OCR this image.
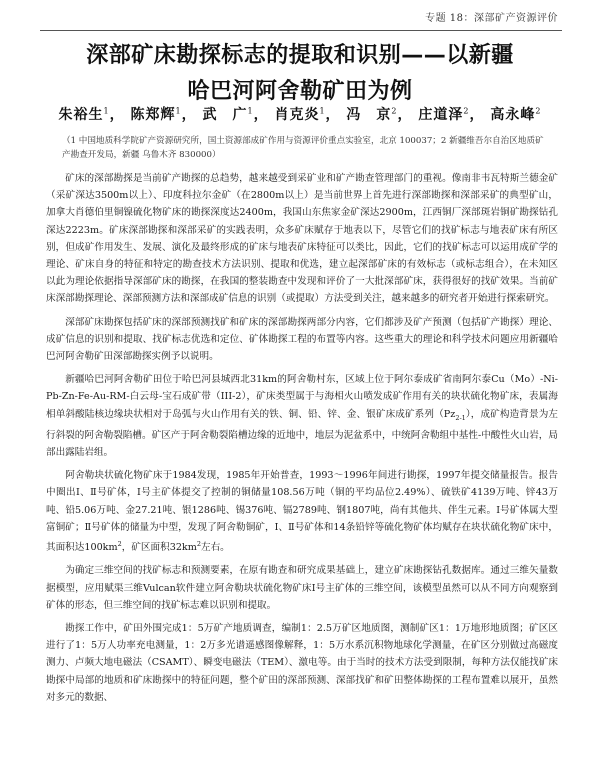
专题 18：深部矿产资源评价
深部矿床勘探标志的提取和识别——以新疆
哈巴河阿舍勒矿田为例
朱裕生$^1$， 陈郑辉$^1$， 武　广$^1$， 肖克炎$^1$， 冯　京$^2$， 庄道泽$^2$， 高永峰$^2$
（1 中国地质科学院矿产资源研究所，国土资源部成矿作用与资源评价重点实验室，北京 100037；2 新疆维吾尔自治区地质矿产勘查开发局，新疆 乌鲁木齐 830000）

矿床的深部勘探是当前矿产勘探的总趋势，越来越受到采矿业和矿产勘查管理部门的重视。像南非韦瓦特斯兰德金矿（采矿深达3500m以上）、印度科拉尔金矿（在2800m以上）是当前世界上首先进行深部勘探和深部采矿的典型矿山，加拿大肖德伯里铜镍硫化物矿床的勘探深度达2400m，我国山东焦家金矿深达2900m，江西铜厂深部斑岩铜矿勘探钻孔深达2223m。矿床深部勘探和深部采矿的实践表明，众多矿床赋存于地表以下，尽管它们的找矿标志与地表矿床有所区别，但成矿作用发生、发展、演化及最终形成的矿床与地表矿床特征可以类比，因此，它们的找矿标志可以运用成矿学的理论、矿床自身的特征和特定的勘查技术方法识别、提取和优选，建立起深部矿床的有效标志（或标志组合），在未知区以此为理论依据指导深部矿床的勘探，在我国的整装勘查中发现和评价了一大批深部矿床，获得很好的找矿效果。当前矿床深部勘探理论、深部预测方法和深部成矿信息的识别（或提取）方法受到关注，越来越多的研究者开始进行探索研究。

深部矿床勘探包括矿床的深部预测找矿和矿床的深部勘探两部分内容，它们都涉及矿产预测（包括矿产勘探）理论、成矿信息的识别和提取、找矿标志优选和定位、矿体勘探工程的布置等内容。这些重大的理论和科学技术问题应用新疆哈巴河阿舍勒矿田深部勘探实例予以说明。

新疆哈巴河阿舍勒矿田位于哈巴河县城西北31km的阿舍勒村东，区域上位于阿尔泰成矿省南阿尔泰Cu（Mo）-Ni-Pb-Zn-Fe-Au-RM-白云母-宝石成矿带（III-2），矿床类型属于与海相火山喷发成矿作用有关的块状硫化物矿床，表属海相单斜酸陆核边缘块状相对于岛弧与火山作用有关的铁、铜、铅、锌、金、银矿床成矿系列$(Pz_{2-1})$，成矿构造背景为左行斜裂的阿舍勒裂陷槽。矿区产于阿舍勒裂陷槽边缘的近地中，地层为泥盆系中，中统阿舍勒组中基性-中酸性火山岩，局部出露陆岩组。

阿舍勒块状硫化物矿床于1984发现，1985年开始普查，1993～1996年间进行勘探，1997年提交储量报告。报告中圈出Ⅰ、Ⅱ号矿体，Ⅰ号主矿体提交了控制的铜储量108.56万吨（铜的平均品位2.49%）、硫铁矿4139万吨、锌43万吨、铅5.06万吨、金27.21吨、银1286吨、锡376吨、镉2789吨、钢1807吨，尚有其他共、伴生元素。Ⅰ号矿体属大型富铜矿；Ⅱ号矿体的储量为中型，发现了阿舍勒铜矿，Ⅰ、Ⅱ号矿体和14条铅锌等硫化物矿体均赋存在块状硫化物矿床中，其面积达$100km^2$，矿区面积$32km^2$左右。

为确定三维空间的找矿标志和预测要素，在原有勘查和研究成果基础上，建立矿床勘探钻孔数据库。通过三维矢量数据模型，应用赋渠三维Vulcan软件建立阿舍勒块状硫化物矿床Ⅰ号主矿体的三维空间，该模型虽然可以从不同方向观察到矿体的形态，但三维空间的找矿标志难以识别和提取。

勘探工作中，矿田外围完成1：5万矿产地质调查，编制1：2.5万矿区地质图，测制矿区1：1万地形地质图；矿区区进行了1：5万人功率充电测量，1：2万多光谱遥感图像解释，1：5万水系沉积物地球化学测量，在矿区分别做过高磁度测力、卢频大地电磁法（CSAMT）、瞬变电磁法（TEM）、激电等。由于当时的技术方法受到限制，每种方法仅能找矿床勘探中局部的地质和矿床勘探中的特征问题，整个矿田的深部预测、深部找矿和矿田整体勘探的工程布置难以展开，虽然对多元的数据、
